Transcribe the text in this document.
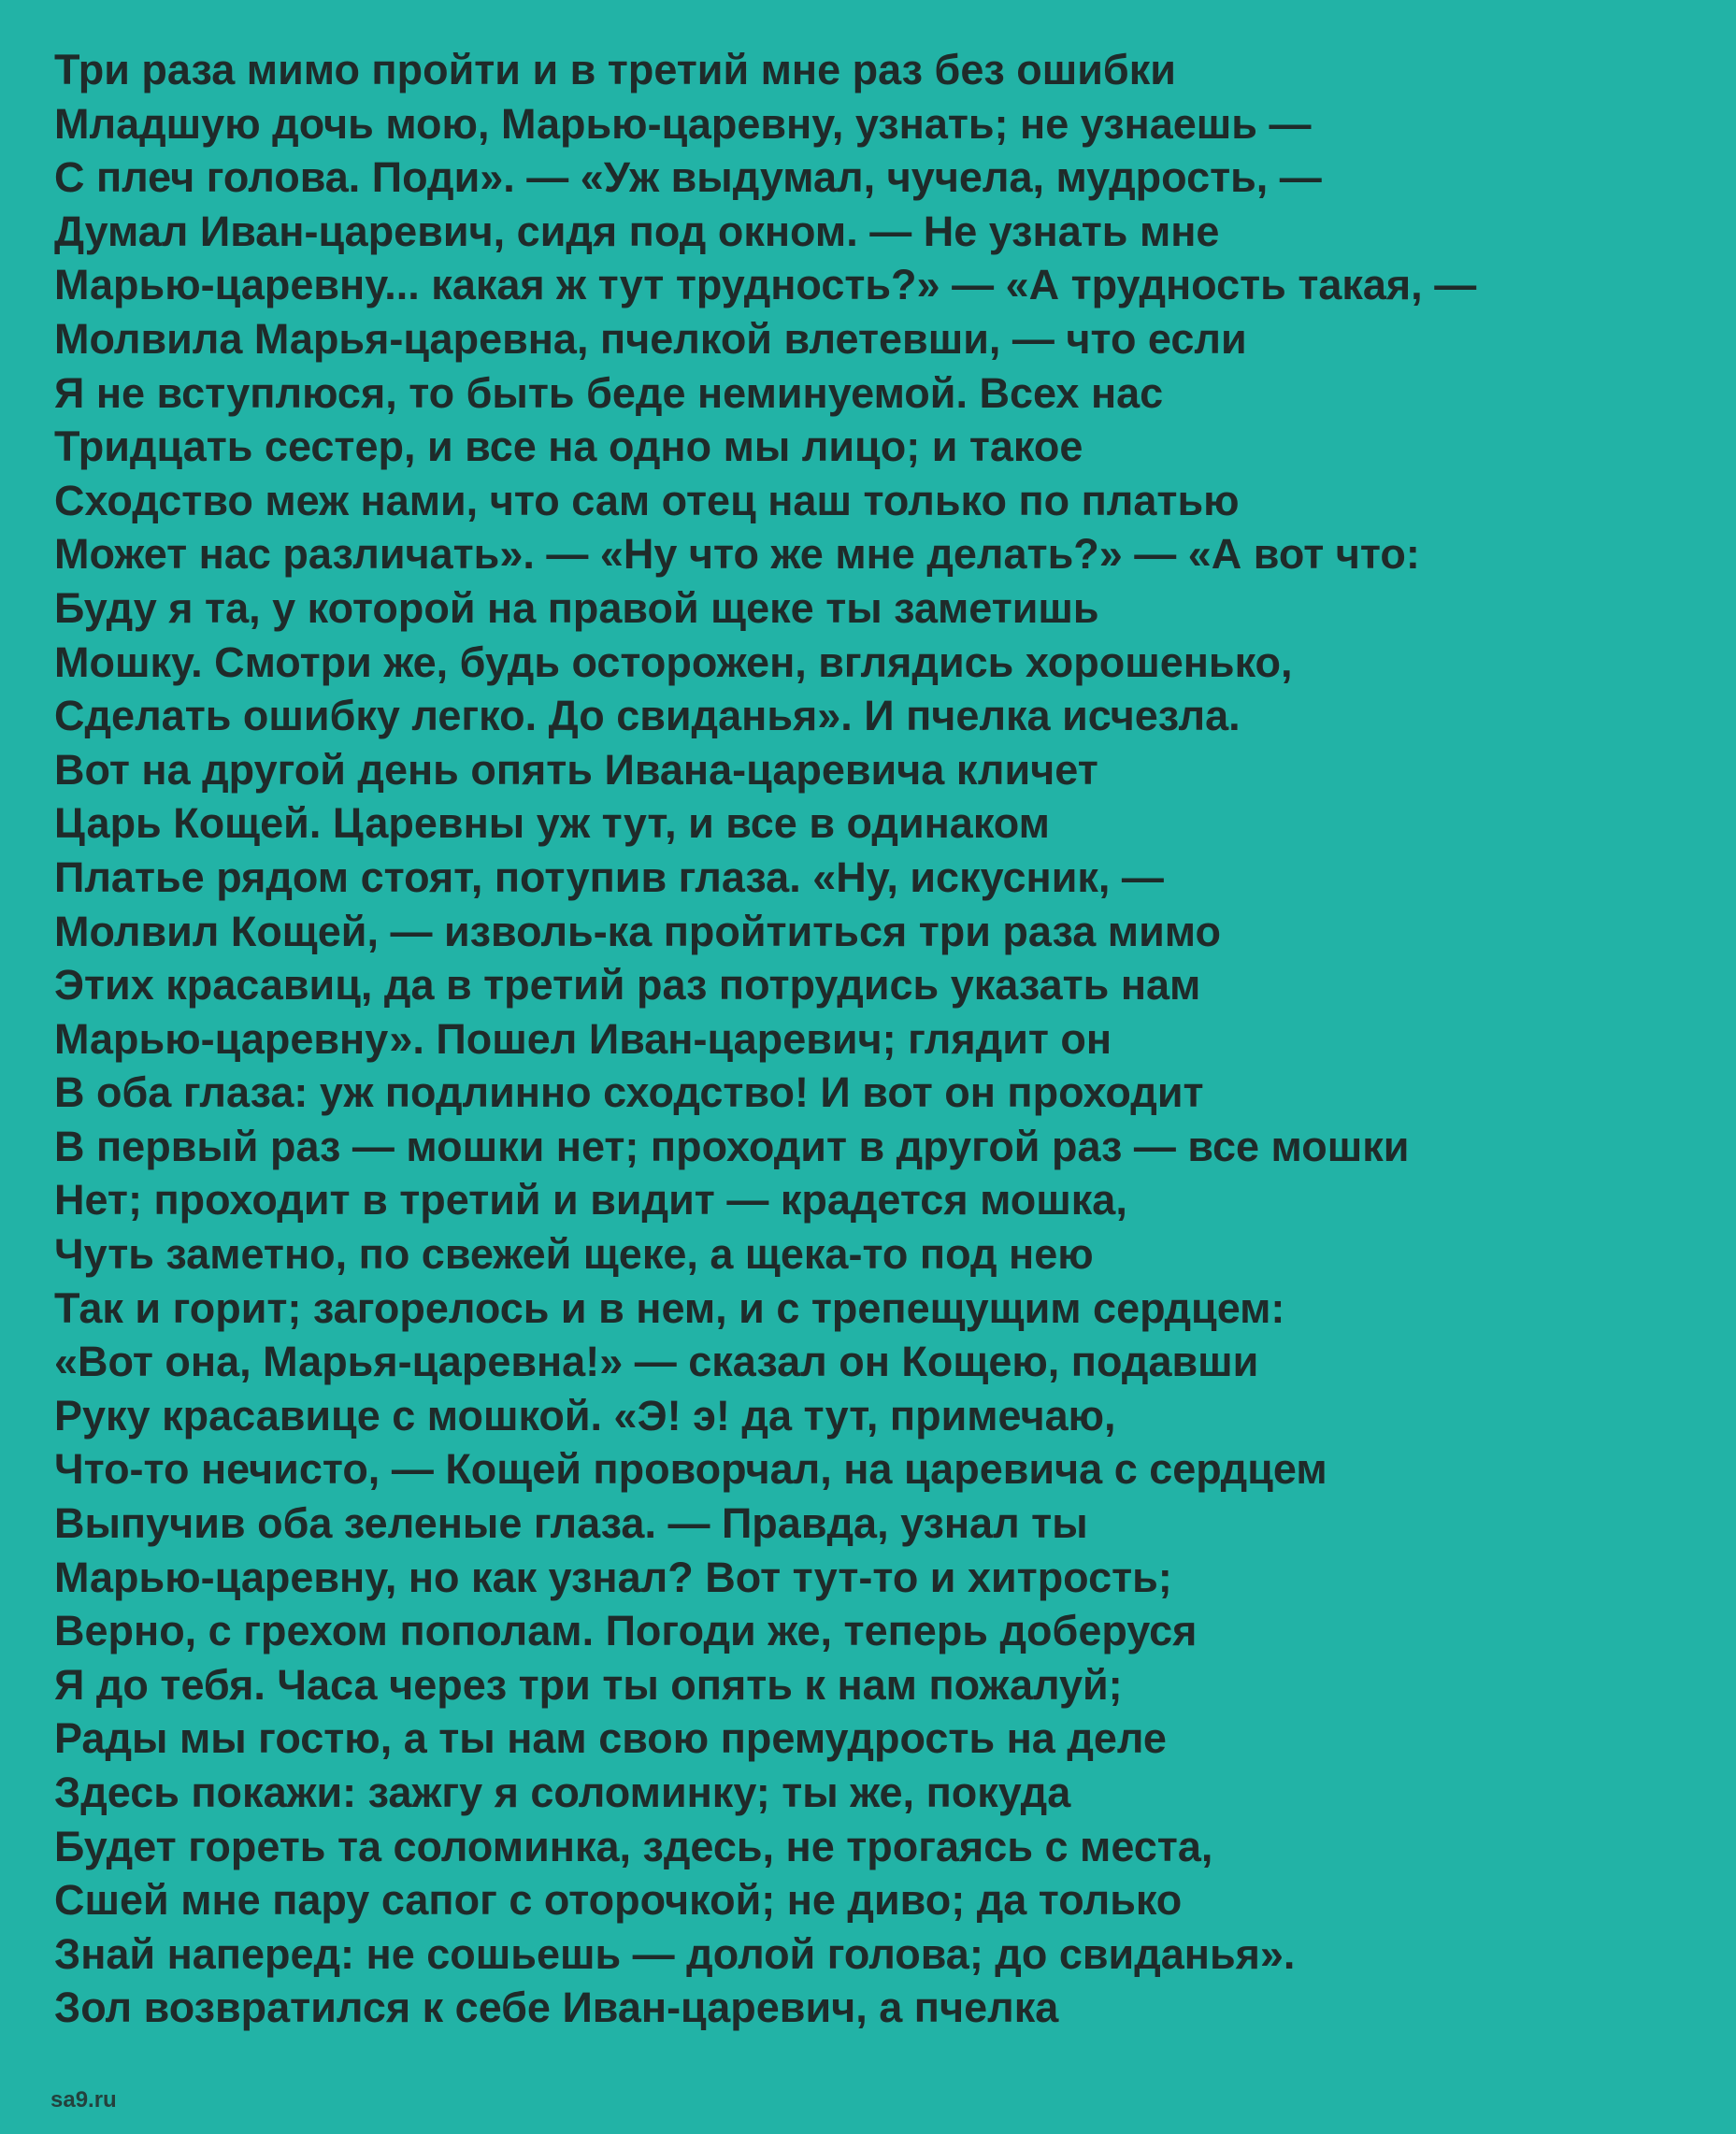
Три раза мимо пройти и в третий мне раз без ошибки
Младшую дочь мою, Марью-царевну, узнать; не узнаешь —
С плеч голова. Поди». — «Уж выдумал, чучела, мудрость, —
Думал Иван-царевич, сидя под окном. — Не узнать мне
Марью-царевну... какая ж тут трудность?» — «А трудность такая, —
Молвила Марья-царевна, пчелкой влетевши, — что если
Я не вступлюся, то быть беде неминуемой. Всех нас
Тридцать сестер, и все на одно мы лицо; и такое
Сходство меж нами, что сам отец наш только по платью
Может нас различать». — «Ну что же мне делать?» — «А вот что:
Буду я та, у которой на правой щеке ты заметишь
Мошку. Смотри же, будь осторожен, вглядись хорошенько,
Сделать ошибку легко. До свиданья». И пчелка исчезла.
Вот на другой день опять Ивана-царевича кличет
Царь Кощей. Царевны уж тут, и все в одинаком
Платье рядом стоят, потупив глаза. «Ну, искусник, —
Молвил Кощей, — изволь-ка пройтиться три раза мимо
Этих красавиц, да в третий раз потрудись указать нам
Марью-царевну». Пошел Иван-царевич; глядит он
В оба глаза: уж подлинно сходство! И вот он проходит
В первый раз — мошки нет; проходит в другой раз — все мошки
Нет; проходит в третий и видит — крадется мошка,
Чуть заметно, по свежей щеке, а щека-то под нею
Так и горит; загорелось и в нем, и с трепещущим сердцем:
«Вот она, Марья-царевна!» — сказал он Кощею, подавши
Руку красавице с мошкой. «Э! э! да тут, примечаю,
Что-то нечисто, — Кощей проворчал, на царевича с сердцем
Выпучив оба зеленые глаза. — Правда, узнал ты
Марью-царевну, но как узнал? Вот тут-то и хитрость;
Верно, с грехом пополам. Погоди же, теперь доберуся
Я до тебя. Часа через три ты опять к нам пожалуй;
Рады мы гостю, а ты нам свою премудрость на деле
Здесь покажи: зажгу я соломинку; ты же, покуда
Будет гореть та соломинка, здесь, не трогаясь с места,
Сшей мне пару сапог с оторочкой; не диво; да только
Знай наперед: не сошьешь — долой голова; до свиданья».
Зол возвратился к себе Иван-царевич, а пчелка
sa9.ru
